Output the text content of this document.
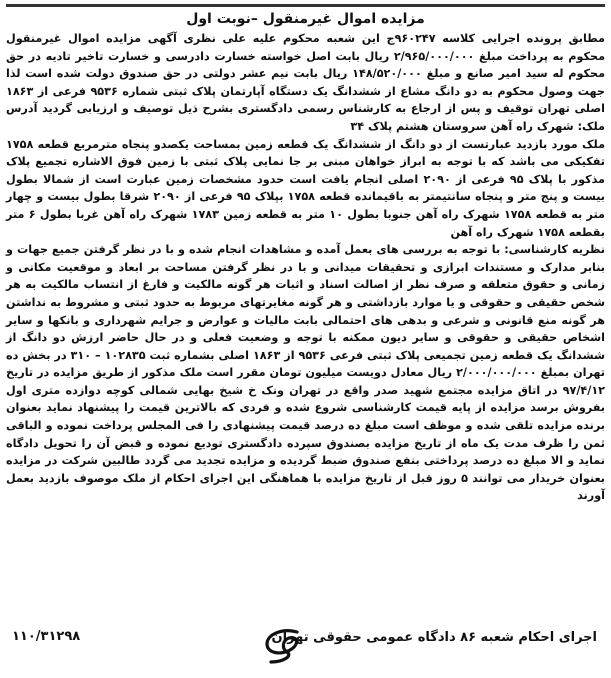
مزایده اموال غیرمنقول –نوبت اول

مطابق پرونده اجرایی کلاسه ۹۶۰۲۴۷ج این شعبه محکوم علیه علی نظری آگهی مزایده اموال غیرمنقول محکوم به پرداخت مبلغ ۲/۹۶۵/۰۰۰/۰۰۰ ریال بابت اصل خواسته خسارت دادرسی و خسارت تاخیر تادیه در حق محکوم له سید امیر صانع و مبلغ ۱۴۸/۵۲۰/۰۰۰ ریال بابت نیم عشر دولتی در حق صندوق دولت شده است لذا جهت وصول محکوم به دو دانگ مشاع از ششدانگ یک دستگاه آپارتمان پلاک ثبتی شماره ۹۵۳۶ فرعی از ۱۸۶۳ اصلی تهران توقیف و پس از ارجاع به کارشناس رسمی دادگستری بشرح ذیل توصیف و ارزیابی گردید آدرس ملک: شهرک راه آهن سروستان هشتم پلاک ۳۴

ملک مورد بازدید عبارتست از دو دانگ از ششدانگ یک قطعه زمین بمساحت یکصدو پنجاه مترمربع قطعه ۱۷۵۸ تفکیکی می باشد که با توجه به ابراز خواهان مبنی بر جا نمایی پلاک ثبتی با زمین فوق الاشاره تجمیع پلاک مذکور با پلاک ۹۵ فرعی از ۲۰۹۰ اصلی انجام یافت است حدود مشخصات زمین عبارت است از شمالا بطول بیست و پنج متر و پنجاه سانتیمتر به باقیمانده قطعه ۱۷۵۸ بپلاک ۹۵ فرعی از ۲۰۹۰ شرقا بطول بیست و چهار متر به قطعه ۱۷۵۸ شهرک راه آهن جنوبا بطول ۱۰ متر به قطعه زمین ۱۷۸۳ شهرک راه آهن غربا بطول ۶ متر بقطعه ۱۷۵۸ شهرک راه آهن

نظریه کارشناسی: با توجه به بررسی های بعمل آمده و مشاهدات انجام شده و با در نظر گرفتن جمیع جهات و بنابر مدارک و مستندات ابرازی و تحقیقات میدانی و با در نظر گرفتن مساحت بر ابعاد و موقعیت مکانی و زمانی و حقوق متعلقه و صرف نظر از اصالت اسناد و اثبات هر گونه مالکیت و فارغ از انتساب مالکیت به هر شخص حقیقی و حقوقی و یا موارد بازداشتی و هر گونه مغایرتهای مربوط به حدود ثبتی و مشروط به نداشتن هر گونه منع قانونی و شرعی و بدهی های احتمالی بابت مالیات و عوارض و جرایم شهرداری و بانکها و سایر اشخاص حقیقی و حقوقی و سایر دیون ممکنه با توجه و وضعیت فعلی و در حال حاضر ارزش دو دانگ از ششدانگ یک قطعه زمین تجمیعی پلاک ثبتی فرعی ۹۵۳۶ از ۱۸۶۳ اصلی بشماره ثبت ۱۰۲۸۳۵ – ۳۱۰ در بخش ده تهران بمبلغ ۲/۰۰۰/۰۰۰/۰۰۰ ریال معادل دویست میلیون تومان مقرر است ملک مذکور از طریق مزایده در تاریخ ۹۷/۴/۱۲ در اتاق مزایده مجتمع شهید صدر واقع در تهران ونک خ شیخ بهایی شمالی کوچه دوازده متری اول بفروش برسد مزایده از پایه قیمت کارشناسی شروع شده و فردی که بالاترین قیمت را پیشنهاد نماید بعنوان برنده مزایده تلقی شده و موظف است مبلغ ده درصد قیمت پیشنهادی را فی المجلس پرداخت نموده و الباقی ثمن را ظرف مدت یک ماه از تاریخ مزایده بصندوق سپرده دادگستری تودیع نموده و قبض آن را تحویل دادگاه نماید و الا مبلغ ده درصد پرداختی بنفع صندوق ضبط گردیده و مزایده تجدید می گردد طالبین شرکت در مزایده بعنوان خریدار می توانند ۵ روز قبل از تاریخ مزایده با هماهنگی این اجرای احکام از ملک موصوف بازدید بعمل آورند

اجرای احکام شعبه ۸۶ دادگاه عمومی حقوقی تهران
۱۱۰/۳۱۲۹۸
